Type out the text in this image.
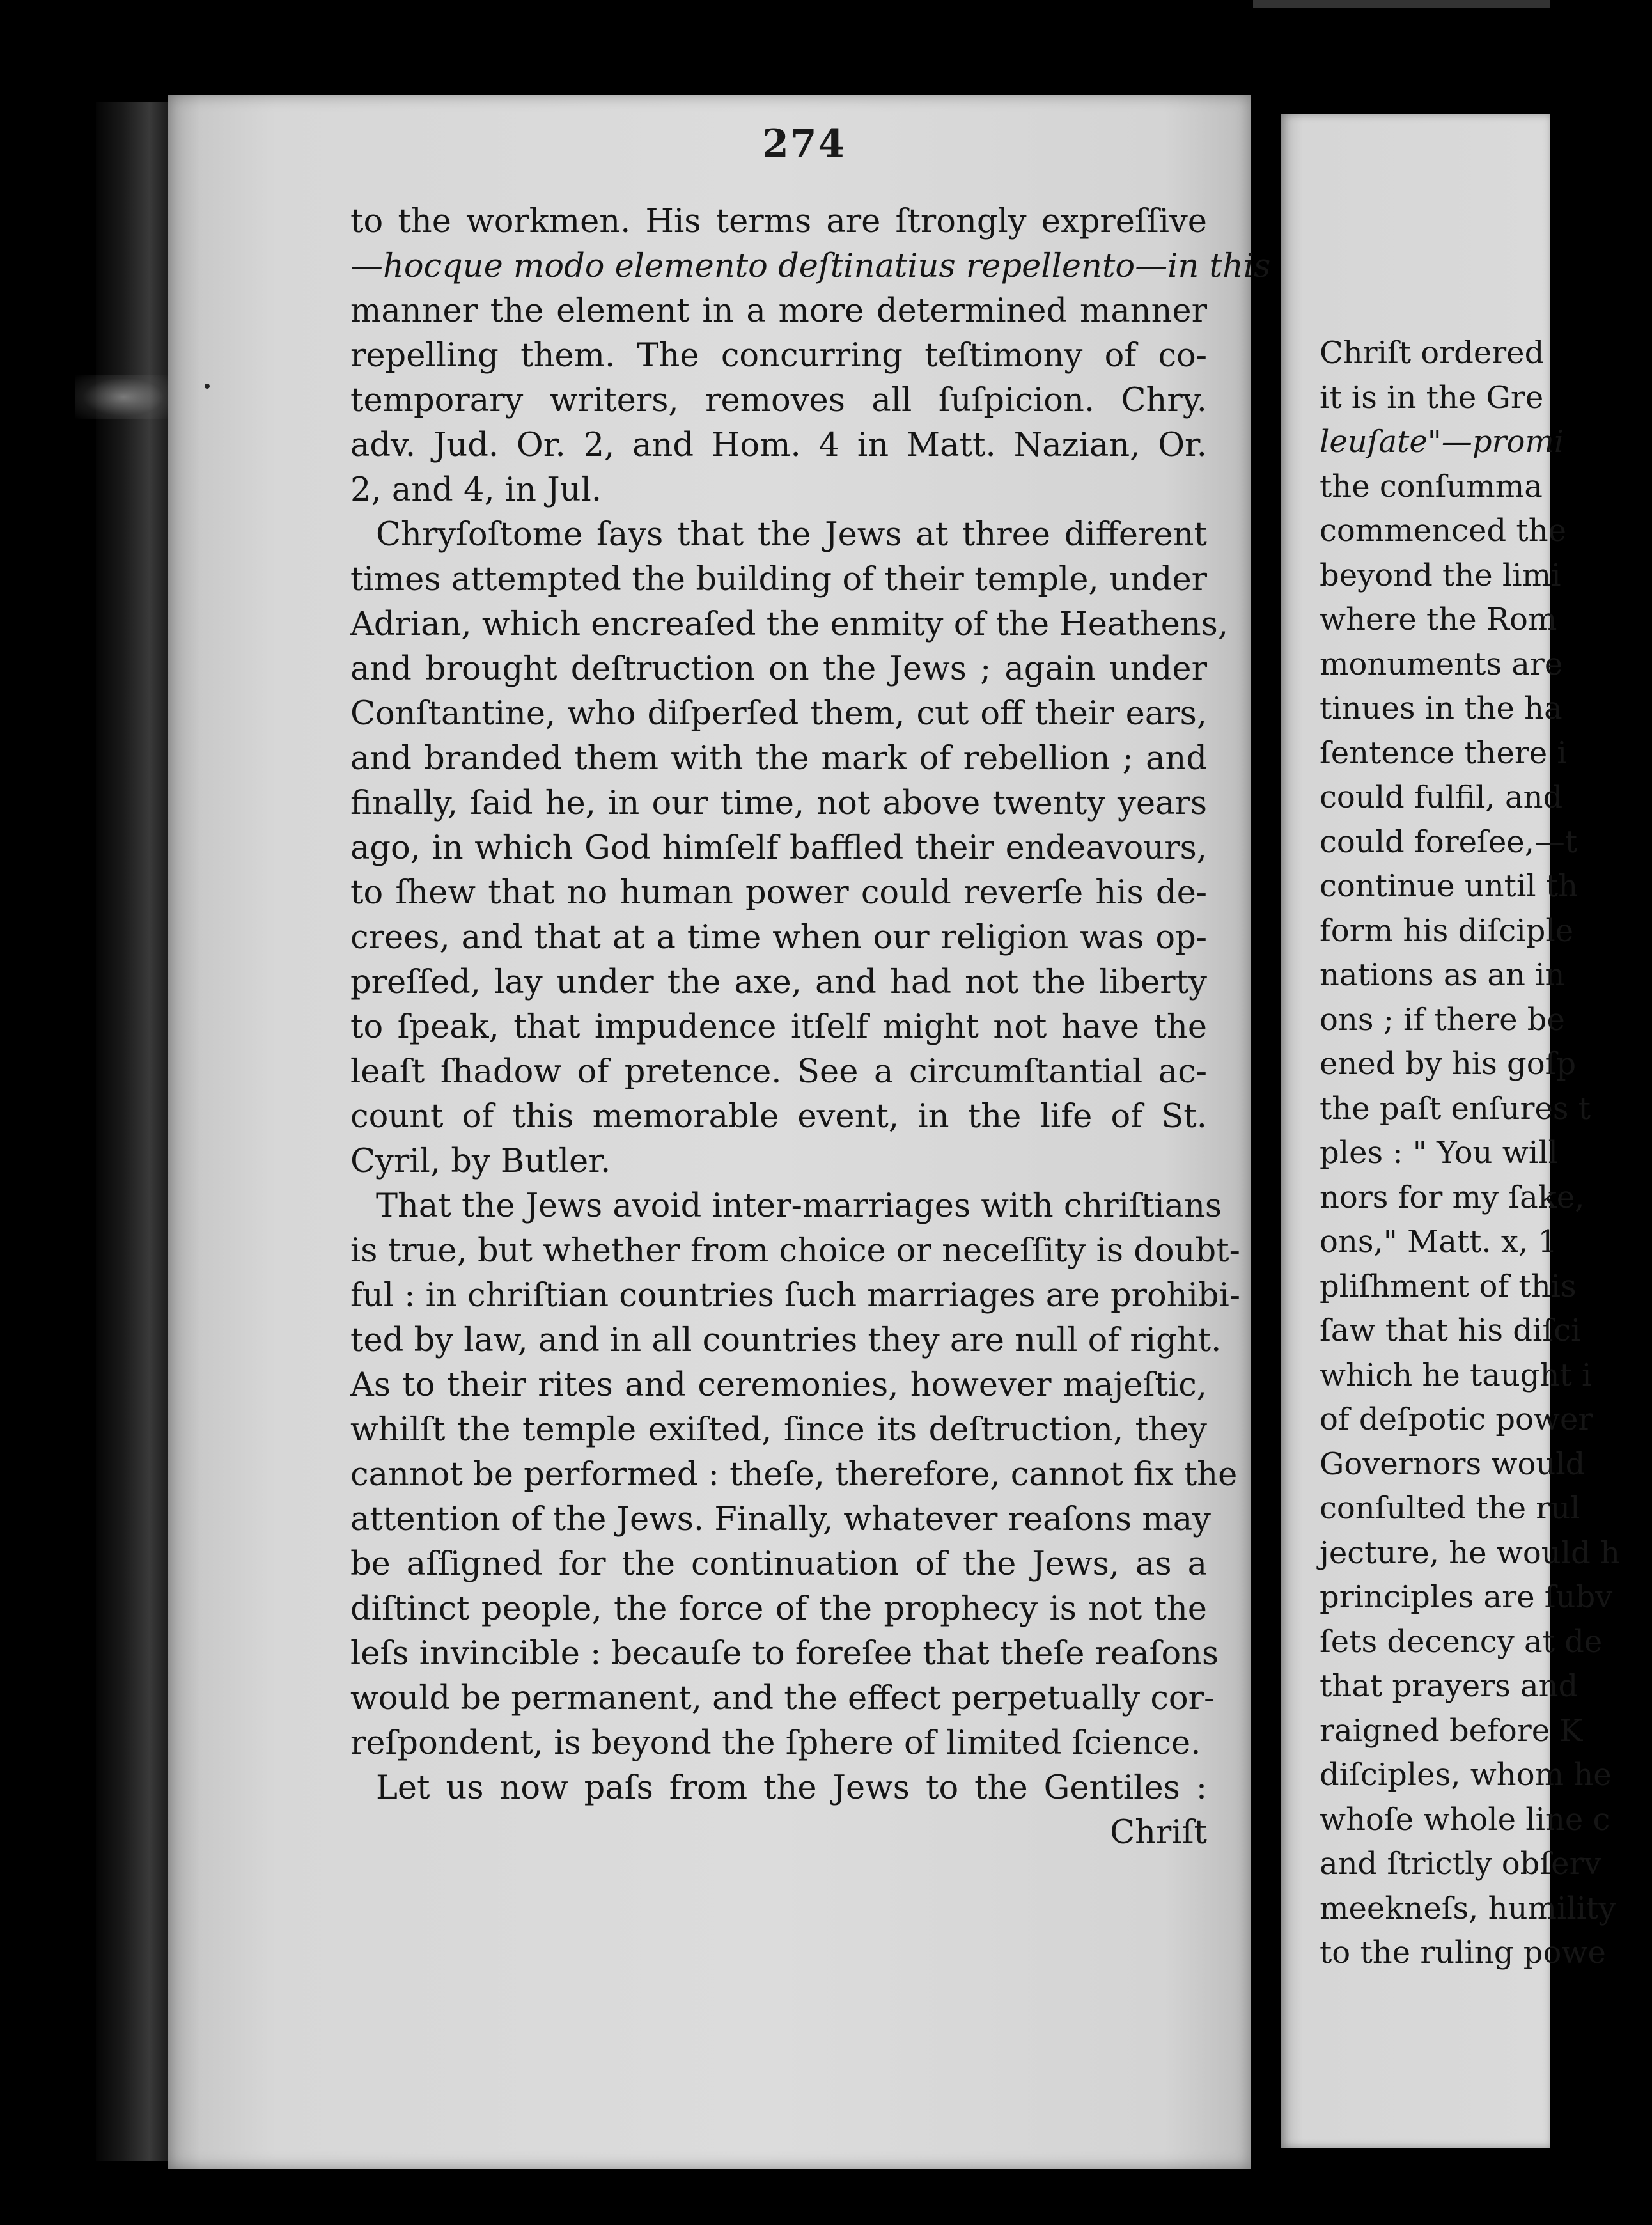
274
to the workmen. His terms are ſtrongly expreſſive
—hocque modo elemento deſtinatius repellento—in this
manner the element in a more determined manner
repelling them. The concurring teſtimony of co-
temporary writers, removes all ſuſpicion. Chry.
adv. Jud. Or. 2, and Hom. 4 in Matt. Nazian, Or.
2, and 4, in Jul.
Chryſoſtome ſays that the Jews at three different
times attempted the building of their temple, under
Adrian, which encreaſed the enmity of the Heathens,
and brought deſtruction on the Jews ; again under
Conſtantine, who diſperſed them, cut off their ears,
and branded them with the mark of rebellion ; and
finally, ſaid he, in our time, not above twenty years
ago, in which God himſelf baffled their endeavours,
to ſhew that no human power could reverſe his de-
crees, and that at a time when our religion was op-
preſſed, lay under the axe, and had not the liberty
to ſpeak, that impudence itſelf might not have the
leaſt ſhadow of pretence. See a circumſtantial ac-
count of this memorable event, in the life of St.
Cyril, by Butler.
That the Jews avoid inter-marriages with chriſtians
is true, but whether from choice or neceſſity is doubt-
ful : in chriſtian countries ſuch marriages are prohibi-
ted by law, and in all countries they are null of right.
As to their rites and ceremonies, however majeſtic,
whilſt the temple exiſted, ſince its deſtruction, they
cannot be performed : theſe, therefore, cannot fix the
attention of the Jews. Finally, whatever reaſons may
be aſſigned for the continuation of the Jews, as a
diſtinct people, the force of the prophecy is not the
leſs invincible : becauſe to foreſee that theſe reaſons
would be permanent, and the effect perpetually cor-
reſpondent, is beyond the ſphere of limited ſcience.
Let us now paſs from the Jews to the Gentiles :
Chriſt
Chriſt ordered
it is in the Gre
leuſate"—promi
the conſumma
commenced the
beyond the limi
where the Rom
monuments are
tinues in the ha
ſentence there i
could fulfil, and
could foreſee,—t
continue until th
form his diſciple
nations as an in
ons ; if there be
ened by his goſp
the paſt enſures t
ples : " You will
nors for my ſake,
ons," Matt. x, 1
pliſhment of this
ſaw that his diſci
which he taught i
of deſpotic power
Governors would
conſulted the rul
jecture, he would h
principles are ſubv
ſets decency at de
that prayers and
raigned before K
diſciples, whom he
whoſe whole line c
and ſtrictly obſerv
meekneſs, humility
to the ruling powe
